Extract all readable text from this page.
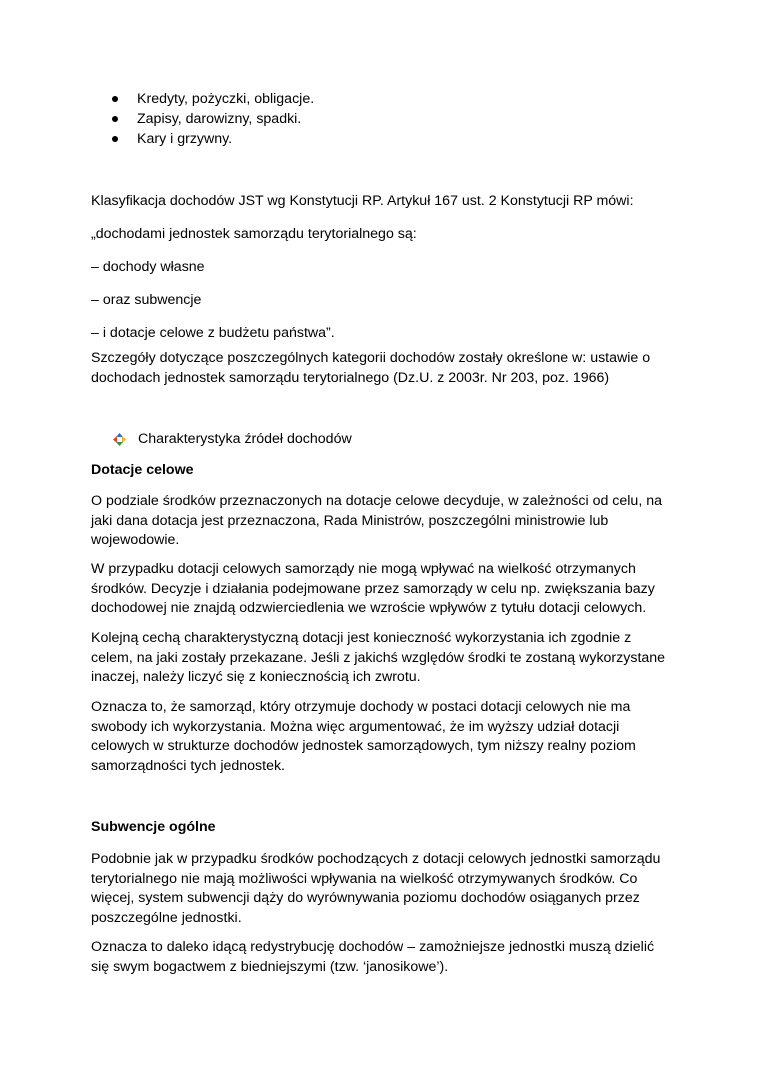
Kredyty, pożyczki, obligacje.
Zapisy, darowizny, spadki.
Kary i grzywny.

Klasyfikacja dochodów JST wg Konstytucji RP. Artykuł 167 ust. 2 Konstytucji RP mówi:

„dochodami jednostek samorządu terytorialnego są:

– dochody własne

– oraz subwencje

– i dotacje celowe z budżetu państwa”.

Szczegóły dotyczące poszczególnych kategorii dochodów zostały określone w: ustawie o dochodach jednostek samorządu terytorialnego (Dz.U. z 2003r. Nr 203, poz. 1966)

Charakterystyka źródeł dochodów

Dotacje celowe

O podziale środków przeznaczonych na dotacje celowe decyduje, w zależności od celu, na jaki dana dotacja jest przeznaczona, Rada Ministrów, poszczególni ministrowie lub wojewodowie.

W przypadku dotacji celowych samorządy nie mogą wpływać na wielkość otrzymanych środków. Decyzje i działania podejmowane przez samorządy w celu np. zwiększania bazy dochodowej nie znajdą odzwierciedlenia we wzroście wpływów z tytułu dotacji celowych.

Kolejną cechą charakterystyczną dotacji jest konieczność wykorzystania ich zgodnie z celem, na jaki zostały przekazane. Jeśli z jakichś względów środki te zostaną wykorzystane inaczej, należy liczyć się z koniecznością ich zwrotu.

Oznacza to, że samorząd, który otrzymuje dochody w postaci dotacji celowych nie ma swobody ich wykorzystania. Można więc argumentować, że im wyższy udział dotacji celowych w strukturze dochodów jednostek samorządowych, tym niższy realny poziom samorządności tych jednostek.

Subwencje ogólne

Podobnie jak w przypadku środków pochodzących z dotacji celowych jednostki samorządu terytorialnego nie mają możliwości wpływania na wielkość otrzymywanych środków. Co więcej, system subwencji dąży do wyrównywania poziomu dochodów osiąganych przez poszczególne jednostki.

Oznacza to daleko idącą redystrybucję dochodów – zamożniejsze jednostki muszą dzielić się swym bogactwem z biedniejszymi (tzw. ‘janosikowe’).
